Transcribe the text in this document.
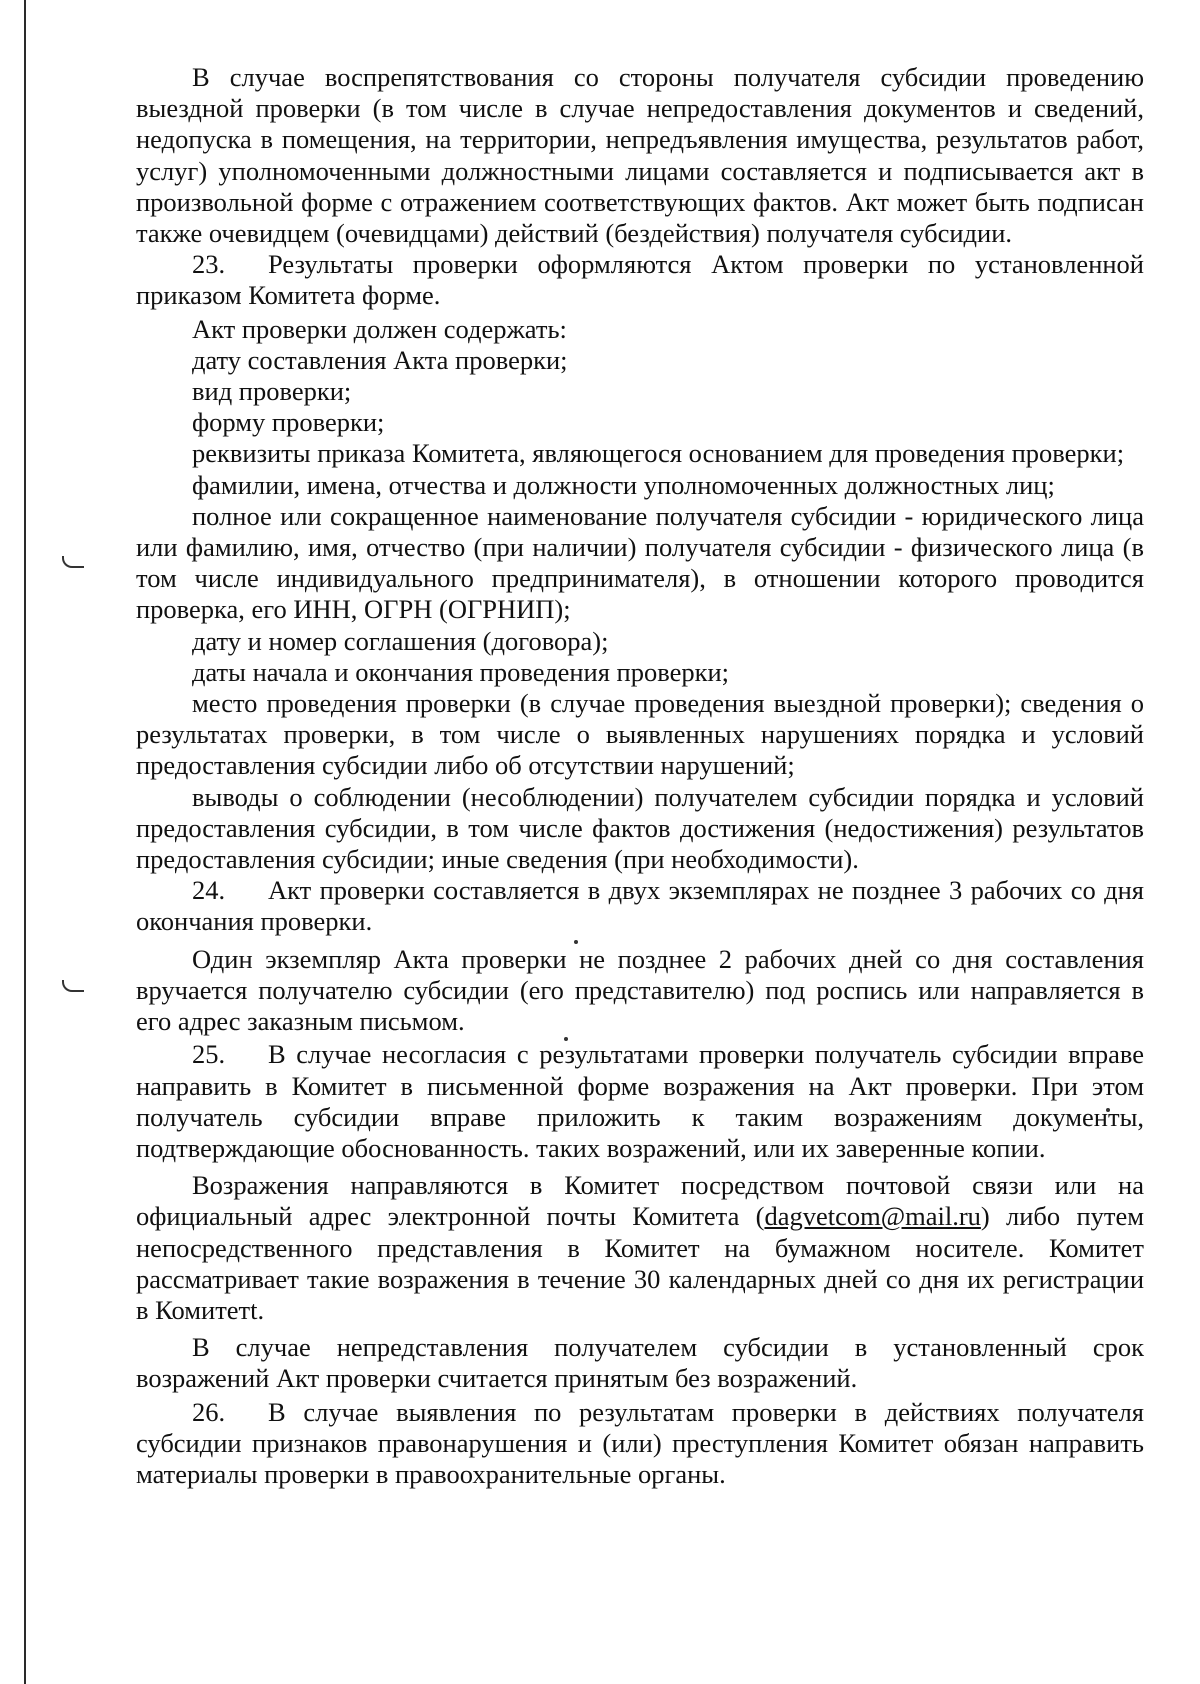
В случае воспрепятствования со стороны получателя субсидии проведению выездной проверки (в том числе в случае непредоставления документов и сведений, недопуска в помещения, на территории, непредъявления имущества, результатов работ, услуг) уполномоченными должностными лицами составляется и подписывается акт в произвольной форме с отражением соответствующих фактов. Акт может быть подписан также очевидцем (очевидцами) действий (бездействия) получателя субсидии.

23. Результаты проверки оформляются Актом проверки по установленной приказом Комитета форме.

Акт проверки должен содержать:

дату составления Акта проверки;

вид проверки;

форму проверки;

реквизиты приказа Комитета, являющегося основанием для проведения проверки;

фамилии, имена, отчества и должности уполномоченных должностных лиц;

полное или сокращенное наименование получателя субсидии - юридического лица или фамилию, имя, отчество (при наличии) получателя субсидии - физического лица (в том числе индивидуального предпринимателя), в отношении которого проводится проверка, его ИНН, ОГРН (ОГРНИП);

дату и номер соглашения (договора);

даты начала и окончания проведения проверки;

место проведения проверки (в случае проведения выездной проверки); сведения о результатах проверки, в том числе о выявленных нарушениях порядка и условий предоставления субсидии либо об отсутствии нарушений;

выводы о соблюдении (несоблюдении) получателем субсидии порядка и условий предоставления субсидии, в том числе фактов достижения (недостижения) результатов предоставления субсидии; иные сведения (при необходимости).

24. Акт проверки составляется в двух экземплярах не позднее 3 рабочих со дня окончания проверки.

Один экземпляр Акта проверки не позднее 2 рабочих дней со дня составления вручается получателю субсидии (его представителю) под роспись или направляется в его адрес заказным письмом.

25. В случае несогласия с результатами проверки получатель субсидии вправе направить в Комитет в письменной форме возражения на Акт проверки. При этом получатель субсидии вправе приложить к таким возражениям документы, подтверждающие обоснованность. таких возражений, или их заверенные копии.

Возражения направляются в Комитет посредством почтовой связи или на официальный адрес электронной почты Комитета (dagvetcom@mail.ru) либо путем непосредственного представления в Комитет на бумажном носителе. Комитет рассматривает такие возражения в течение 30 календарных дней со дня их регистрации в Комитетt.

В случае непредставления получателем субсидии в установленный срок возражений Акт проверки считается принятым без возражений.

26. В случае выявления по результатам проверки в действиях получателя субсидии признаков правонарушения и (или) преступления Комитет обязан направить материалы проверки в правоохранительные органы.
